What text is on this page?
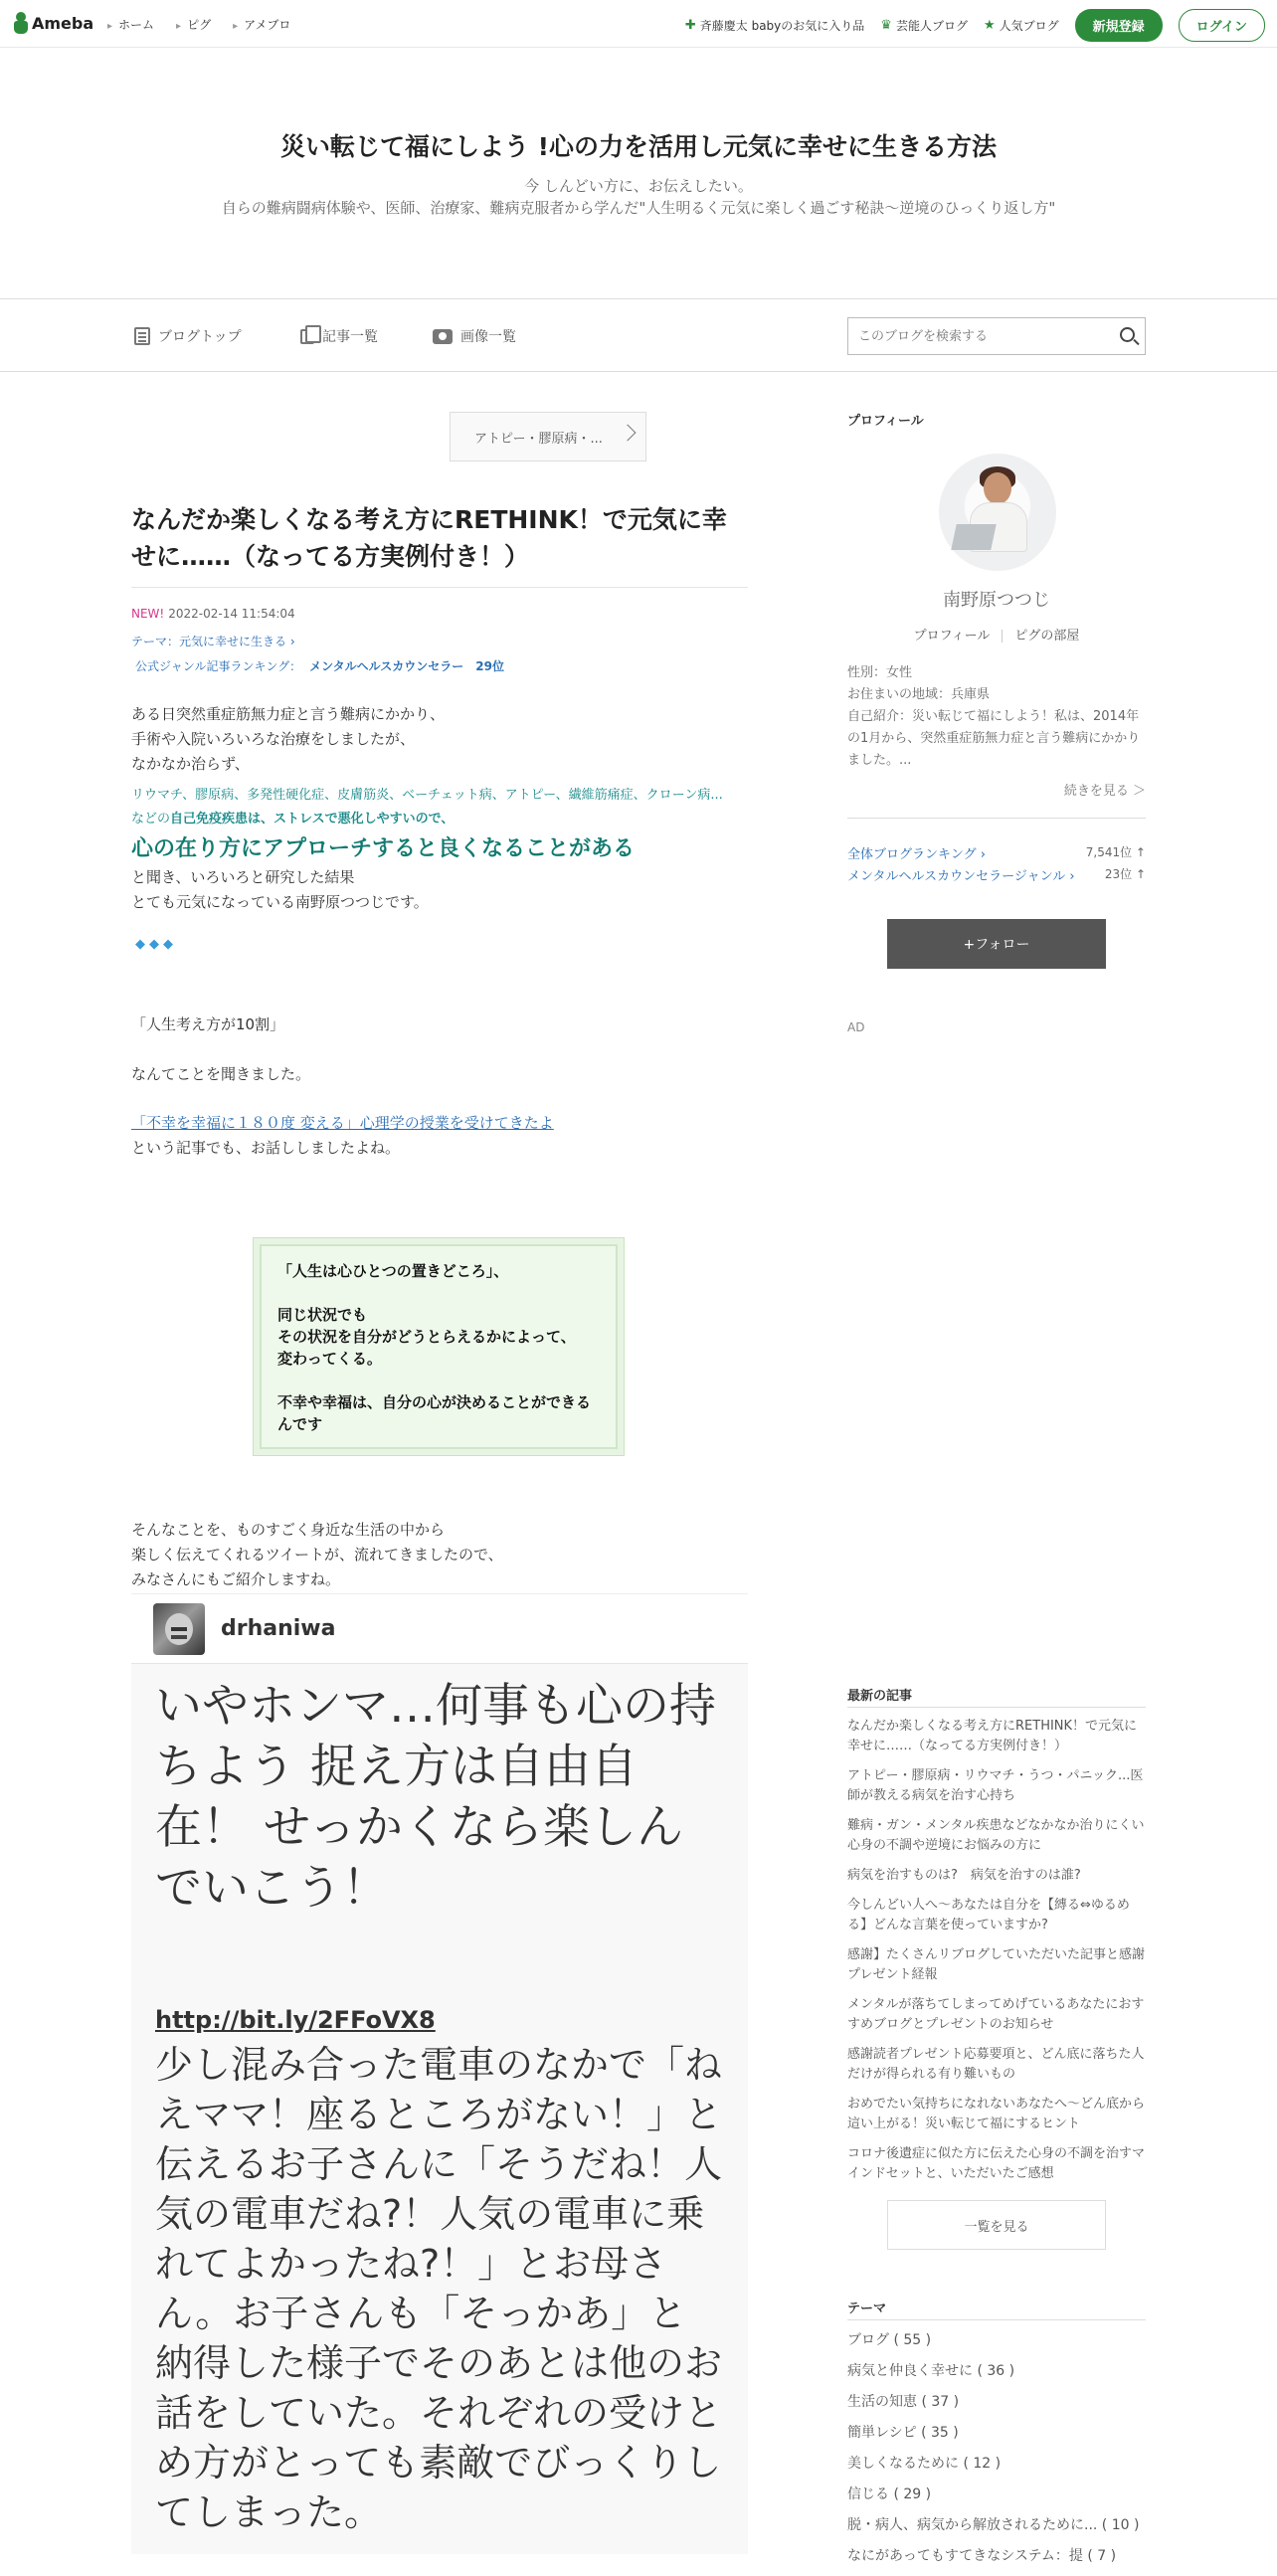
Ameba	▸ ホーム	▸ ピグ	▸ アメブロ	✚ 斉藤慶太 babyのお気に入り品 ♛ 芸能人ブログ ★ 人気ブログ	新規登録	ログイン
災い転じて福にしよう !心の力を活用し元気に幸せに生きる方法
今 しんどい方に、お伝えしたい。
自らの難病闘病体験や、医師、治療家、難病克服者から学んだ"人生明るく元気に楽しく過ごす秘訣～逆境のひっくり返し方"
ブログトップ	記事一覧	画像一覧
このブログを検索する
アトピー・膠原病・...
なんだか楽しくなる考え方にRETHINK！で元気に幸せに……（なってる方実例付き！）
NEW! 2022-02-14 11:54:04
テーマ：元気に幸せに生きる ›
公式ジャンル記事ランキング： メンタルヘルスカウンセラー　29位
ある日突然重症筋無力症と言う難病にかかり、
手術や入院いろいろな治療をしましたが、
なかなか治らず、
リウマチ、膠原病、多発性硬化症、皮膚筋炎、ベーチェット病、アトピー、繊維筋痛症、クローン病...
などの自己免疫疾患は、ストレスで悪化しやすいので、
心の在り方にアプローチすると良くなることがある
と聞き、いろいろと研究した結果
とても元気になっている南野原つつじです。
◆◆◆
「人生考え方が10割」
なんてことを聞きました。
「不幸を幸福に１８０度 変える」心理学の授業を受けてきたよ
という記事でも、お話ししましたよね。

「人生は心ひとつの置きどころ」、

同じ状況でも
その状況を自分がどうとらえるかによって、
変わってくる。

不幸や幸福は、自分の心が決めることができるんです

そんなことを、ものすごく身近な生活の中から
楽しく伝えてくれるツイートが、流れてきましたので、
みなさんにもご紹介しますね。
drhaniwa
いやホンマ…何事も心の持ちよう 捉え方は自由自在！ せっかくなら楽しんでいこう！
http://bit.ly/2FFoVX8
少し混み合った電車のなかで「ねえママ！座るところがない！」と伝えるお子さんに「そうだね！人気の電車だね?！人気の電車に乗れてよかったね?！」とお母さん。お子さんも「そっかあ」と納得した様子でそのあとは他のお話をしていた。それぞれの受けとめ方がとっても素敵でびっくりしてしまった。
プロフィール
南野原つつじ
プロフィール ピグの部屋
性別：女性
お住まいの地域：兵庫県
自己紹介：災い転じて福にしよう！私は、2014年の1月から、突然重症筋無力症と言う難病にかかりました。...
続きを見る ＞
全体ブログランキング ›	7,541位 ↑
メンタルヘルスカウンセラージャンル ›	23位 ↑
+フォロー
AD
最新の記事
なんだか楽しくなる考え方にRETHINK！で元気に幸せに……（なってる方実例付き！）
アトピー・膠原病・リウマチ・うつ・パニック...医師が教える病気を治す心持ち
難病・ガン・メンタル疾患などなかなか治りにくい心身の不調や逆境にお悩みの方に
病気を治すものは?　病気を治すのは誰?
今しんどい人へ～あなたは自分を【縛る⇔ゆるめる】どんな言葉を使っていますか?
感謝】たくさんリブログしていただいた記事と感謝プレゼント経報
メンタルが落ちてしまってめげているあなたにおすすめブログとプレゼントのお知らせ
感謝読者プレゼント応募要項と、どん底に落ちた人だけが得られる有り難いもの
おめでたい気持ちになれないあなたへ～どん底から這い上がる！災い転じて福にするヒント
コロナ後遺症に似た方に伝えた心身の不調を治すマインドセットと、いただいたご感想
一覧を見る
テーマ
ブログ ( 55 )
病気と仲良く幸せに ( 36 )
生活の知恵 ( 37 )
簡単レシピ ( 35 )
美しくなるために ( 12 )
信じる ( 29 )
脱・病人、病気から解放されるために... ( 10 )
なにがあってもすてきなシステム：提 ( 7 )
